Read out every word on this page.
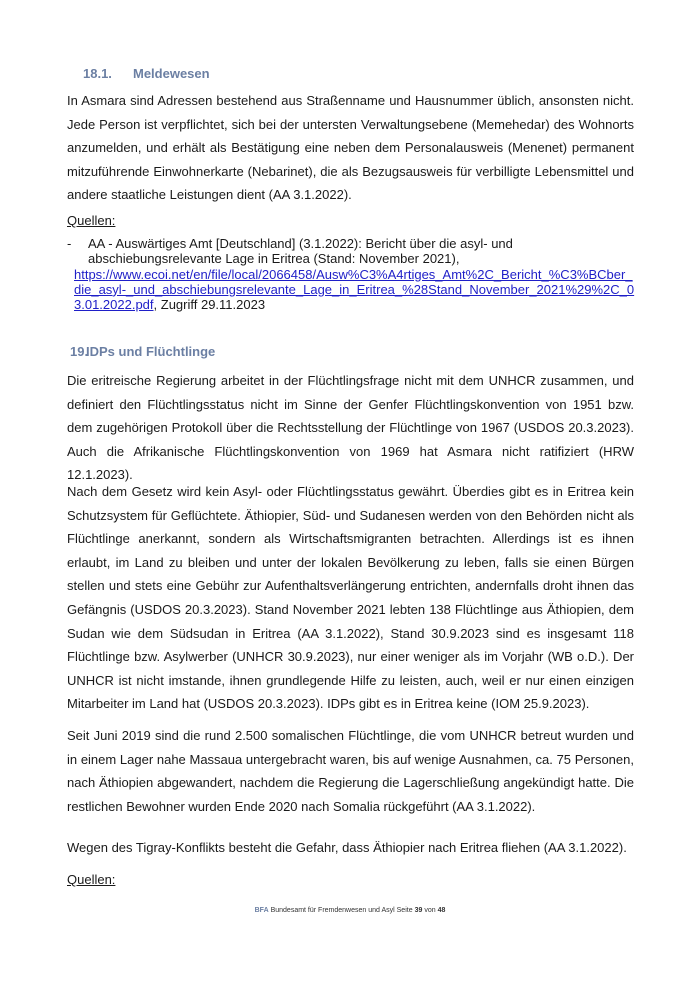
18.1. Meldewesen

In Asmara sind Adressen bestehend aus Straßenname und Hausnummer üblich, ansonsten nicht. Jede Person ist verpflichtet, sich bei der untersten Verwaltungsebene (Memehedar) des Wohnorts anzumelden, und erhält als Bestätigung eine neben dem Personalausweis (Menenet) permanent mitzuführende Einwohnerkarte (Nebarinet), die als Bezugsausweis für verbilligte Lebensmittel und andere staatliche Leistungen dient (AA 3.1.2022).

Quellen:
-	AA - Auswärtiges Amt [Deutschland] (3.1.2022): Bericht über die asyl- und abschiebungsrelevante Lage in Eritrea (Stand: November 2021),
https://www.ecoi.net/en/file/local/2066458/Ausw%C3%A4rtiges_Amt%2C_Bericht_%C3%BCber_die_asyl-_und_abschiebungsrelevante_Lage_in_Eritrea_%28Stand_November_2021%29%2C_03.01.2022.pdf, Zugriff 29.11.2023
19.IDPs und Flüchtlinge

Die eritreische Regierung arbeitet in der Flüchtlingsfrage nicht mit dem UNHCR zusammen, und definiert den Flüchtlingsstatus nicht im Sinne der Genfer Flüchtlingskonvention von 1951 bzw. dem zugehörigen Protokoll über die Rechtsstellung der Flüchtlinge von 1967 (USDOS 20.3.2023). Auch die Afrikanische Flüchtlingskonvention von 1969 hat Asmara nicht ratifiziert (HRW 12.1.2023).

Nach dem Gesetz wird kein Asyl- oder Flüchtlingsstatus gewährt. Überdies gibt es in Eritrea kein Schutzsystem für Geflüchtete. Äthiopier, Süd- und Sudanesen werden von den Behörden nicht als Flüchtlinge anerkannt, sondern als Wirtschaftsmigranten betrachten. Allerdings ist es ihnen erlaubt, im Land zu bleiben und unter der lokalen Bevölkerung zu leben, falls sie einen Bürgen stellen und stets eine Gebühr zur Aufenthaltsverlängerung entrichten, andernfalls droht ihnen das Gefängnis (USDOS 20.3.2023). Stand November 2021 lebten 138 Flüchtlinge aus Äthiopien, dem Sudan wie dem Südsudan in Eritrea (AA 3.1.2022), Stand 30.9.2023 sind es insgesamt 118 Flüchtlinge bzw. Asylwerber (UNHCR 30.9.2023), nur einer weniger als im Vorjahr (WB o.D.). Der UNHCR ist nicht imstande, ihnen grundlegende Hilfe zu leisten, auch, weil er nur einen einzigen Mitarbeiter im Land hat (USDOS 20.3.2023). IDPs gibt es in Eritrea keine (IOM 25.9.2023).

Seit Juni 2019 sind die rund 2.500 somalischen Flüchtlinge, die vom UNHCR betreut wurden und in einem Lager nahe Massaua untergebracht waren, bis auf wenige Ausnahmen, ca. 75 Personen, nach Äthiopien abgewandert, nachdem die Regierung die Lagerschließung angekündigt hatte. Die restlichen Bewohner wurden Ende 2020 nach Somalia rückgeführt (AA 3.1.2022).

Wegen des Tigray-Konflikts besteht die Gefahr, dass Äthiopier nach Eritrea fliehen (AA 3.1.2022).

Quellen:
BFA Bundesamt für Fremdenwesen und Asyl Seite 39 von 48
